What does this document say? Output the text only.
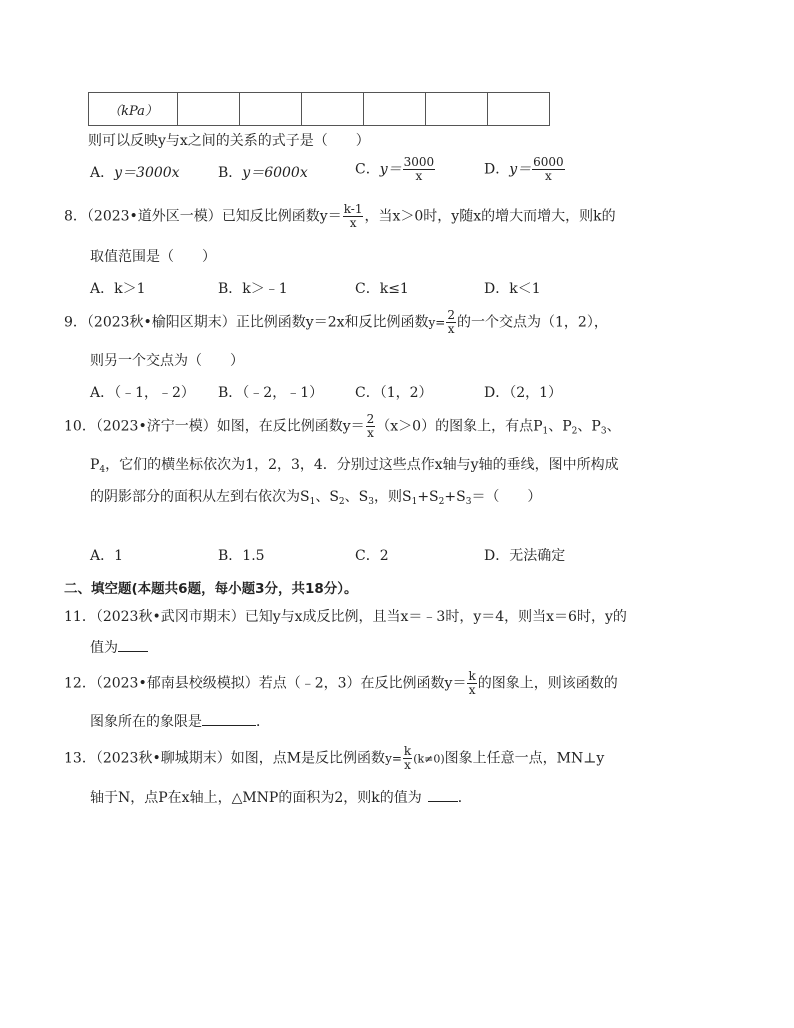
（kPa）						
则可以反映y与x之间的关系的式子是（　　）
A．y＝3000x	B．y＝6000x	C．$y= \frac{3000}{x}$	D．$y= \frac{6000}{x}$
8．（2023•道外区一模）已知反比例函数$y= \frac{k-1}{x}$ ，当x＞0时，y随x的增大而增大，则k的
取值范围是（　　）
A．k＞1	B．k＞﹣1	C．k≤1	D．k＜1
9．（2023秋•榆阳区期末）正比例函数y＝2x和反比例函数$y= \frac{2}{x}$ 的一个交点为（1，2），
则另一个交点为（　　）
A．（﹣1，﹣2） B．（﹣2，﹣1） C．（1，2）	D．（2，1）
10．（2023•济宁一模）如图，在反比例函数$y= \frac{2}{x} (x>0)$的图象上，有点$P_1$、$P_2$、$P_3$、
$P_4$，它们的横坐标依次为1，2，3，4．分别过这些点作x轴与y轴的垂线，图中所构成
的阴影部分的面积从左到右依次为$S_1$、$S_2$、$S_3$，则$S_1+S_2+S_3=$（　　）
A．1	B．1.5	C．2	D．无法确定
二、填空题(本题共6题，每小题3分，共18分）。
11．（2023秋•武冈市期末）已知y与x成反比例，且当x＝﹣3时，y＝4，则当x＝6时，y的
值为
12．（2023•郁南县校级模拟）若点（﹣2，3）在反比例函数$y= \frac{k}{x}$ 的图象上，则该函数的
图象所在的象限是	．
13．（2023秋•聊城期末）如图，点M是反比例函数$y= \frac{k}{x} (k\ne 0)$图象上任意一点，MN⊥y
轴于N，点P在x轴上，△MNP的面积为2，则k的值为	．
